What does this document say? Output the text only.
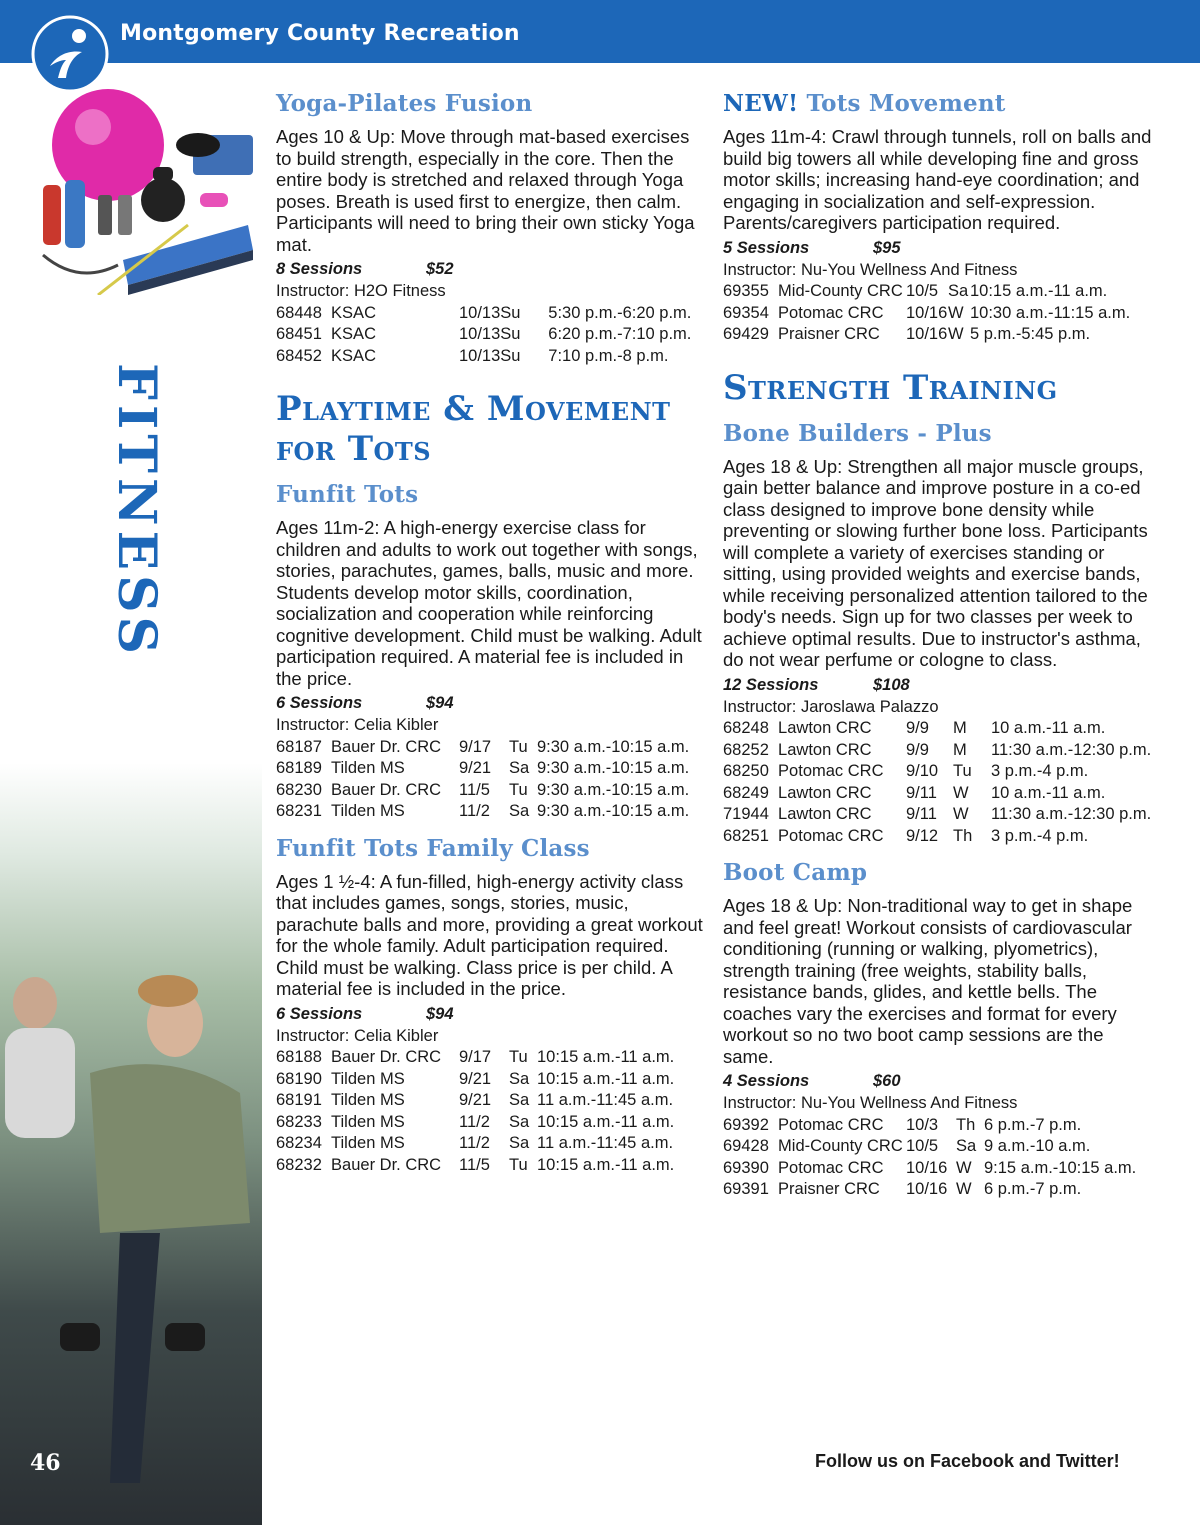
Montgomery County Recreation
FITNESS
46
Yoga-Pilates Fusion

Ages 10 & Up: Move through mat-based exercises to build strength, especially in the core. Then the entire body is stretched and relaxed through Yoga poses. Breath is used first to energize, then calm. Participants will need to bring their own sticky Yoga mat.

8 Sessions	$52
Instructor: H2O Fitness
68448  KSAC	10/13	Su	5:30 p.m.-6:20 p.m.
68451  KSAC	10/13	Su	6:20 p.m.-7:10 p.m.
68452  KSAC	10/13	Su	7:10 p.m.-8 p.m.
Playtime & Movement for Tots
Funfit Tots

Ages 11m-2: A high-energy exercise class for children and adults to work out together with songs, stories, parachutes, games, balls, music and more. Students develop motor skills, coordination, socialization and cooperation while reinforcing cognitive development. Child must be walking. Adult participation required. A material fee is included in the price.

6 Sessions	$94
Instructor: Celia Kibler
68187  Bauer Dr. CRC	9/17	Tu	9:30 a.m.-10:15 a.m.
68189  Tilden MS	9/21	Sa	9:30 a.m.-10:15 a.m.
68230  Bauer Dr. CRC	11/5	Tu	9:30 a.m.-10:15 a.m.
68231  Tilden MS	11/2	Sa	9:30 a.m.-10:15 a.m.
Funfit Tots Family Class

Ages 1 ½-4: A fun-filled, high-energy activity class that includes games, songs, stories, music, parachute balls and more, providing a great workout for the whole family. Adult participation required. Child must be walking. Class price is per child. A material fee is included in the price.

6 Sessions	$94
Instructor: Celia Kibler
68188  Bauer Dr. CRC	9/17	Tu	10:15 a.m.-11 a.m.
68190  Tilden MS	9/21	Sa	10:15 a.m.-11 a.m.
68191  Tilden MS	9/21	Sa	11 a.m.-11:45 a.m.
68233  Tilden MS	11/2	Sa	10:15 a.m.-11 a.m.
68234  Tilden MS	11/2	Sa	11 a.m.-11:45 a.m.
68232  Bauer Dr. CRC	11/5	Tu	10:15 a.m.-11 a.m.
NEW! Tots Movement

Ages 11m-4: Crawl through tunnels, roll on balls and build big towers all while developing fine and gross motor skills; increasing hand-eye coordination; and engaging in socialization and self-expression. Parents/caregivers participation required.

5 Sessions	$95
Instructor: Nu-You Wellness And Fitness
69355  Mid-County CRC	10/5	Sa	10:15 a.m.-11 a.m.
69354  Potomac CRC	10/16	W	10:30 a.m.-11:15 a.m.
69429  Praisner CRC	10/16	W	5 p.m.-5:45 p.m.
Strength Training
Bone Builders - Plus

Ages 18 & Up: Strengthen all major muscle groups, gain better balance and improve posture in a co-ed class designed to improve bone density while preventing or slowing further bone loss. Participants will complete a variety of exercises standing or sitting, using provided weights and exercise bands, while receiving personalized attention tailored to the body's needs. Sign up for two classes per week to achieve optimal results. Due to instructor's asthma, do not wear perfume or cologne to class.

12 Sessions	$108
Instructor: Jaroslawa Palazzo
68248  Lawton CRC	9/9	M	10 a.m.-11 a.m.
68252  Lawton CRC	9/9	M	11:30 a.m.-12:30 p.m.
68250  Potomac CRC	9/10	Tu	3 p.m.-4 p.m.
68249  Lawton CRC	9/11	W	10 a.m.-11 a.m.
71944  Lawton CRC	9/11	W	11:30 a.m.-12:30 p.m.
68251  Potomac CRC	9/12	Th	3 p.m.-4 p.m.
Boot Camp

Ages 18 & Up: Non-traditional way to get in shape and feel great! Workout consists of cardiovascular conditioning (running or walking, plyometrics), strength training (free weights, stability balls, resistance bands, glides, and kettle bells. The coaches vary the exercises and format for every workout so no two boot camp sessions are the same.

4 Sessions	$60
Instructor: Nu-You Wellness And Fitness
69392  Potomac CRC	10/3	Th	6 p.m.-7 p.m.
69428  Mid-County CRC	10/5	Sa	9 a.m.-10 a.m.
69390  Potomac CRC	10/16	W	9:15 a.m.-10:15 a.m.
69391  Praisner CRC	10/16	W	6 p.m.-7 p.m.
Follow us on Facebook and Twitter!
